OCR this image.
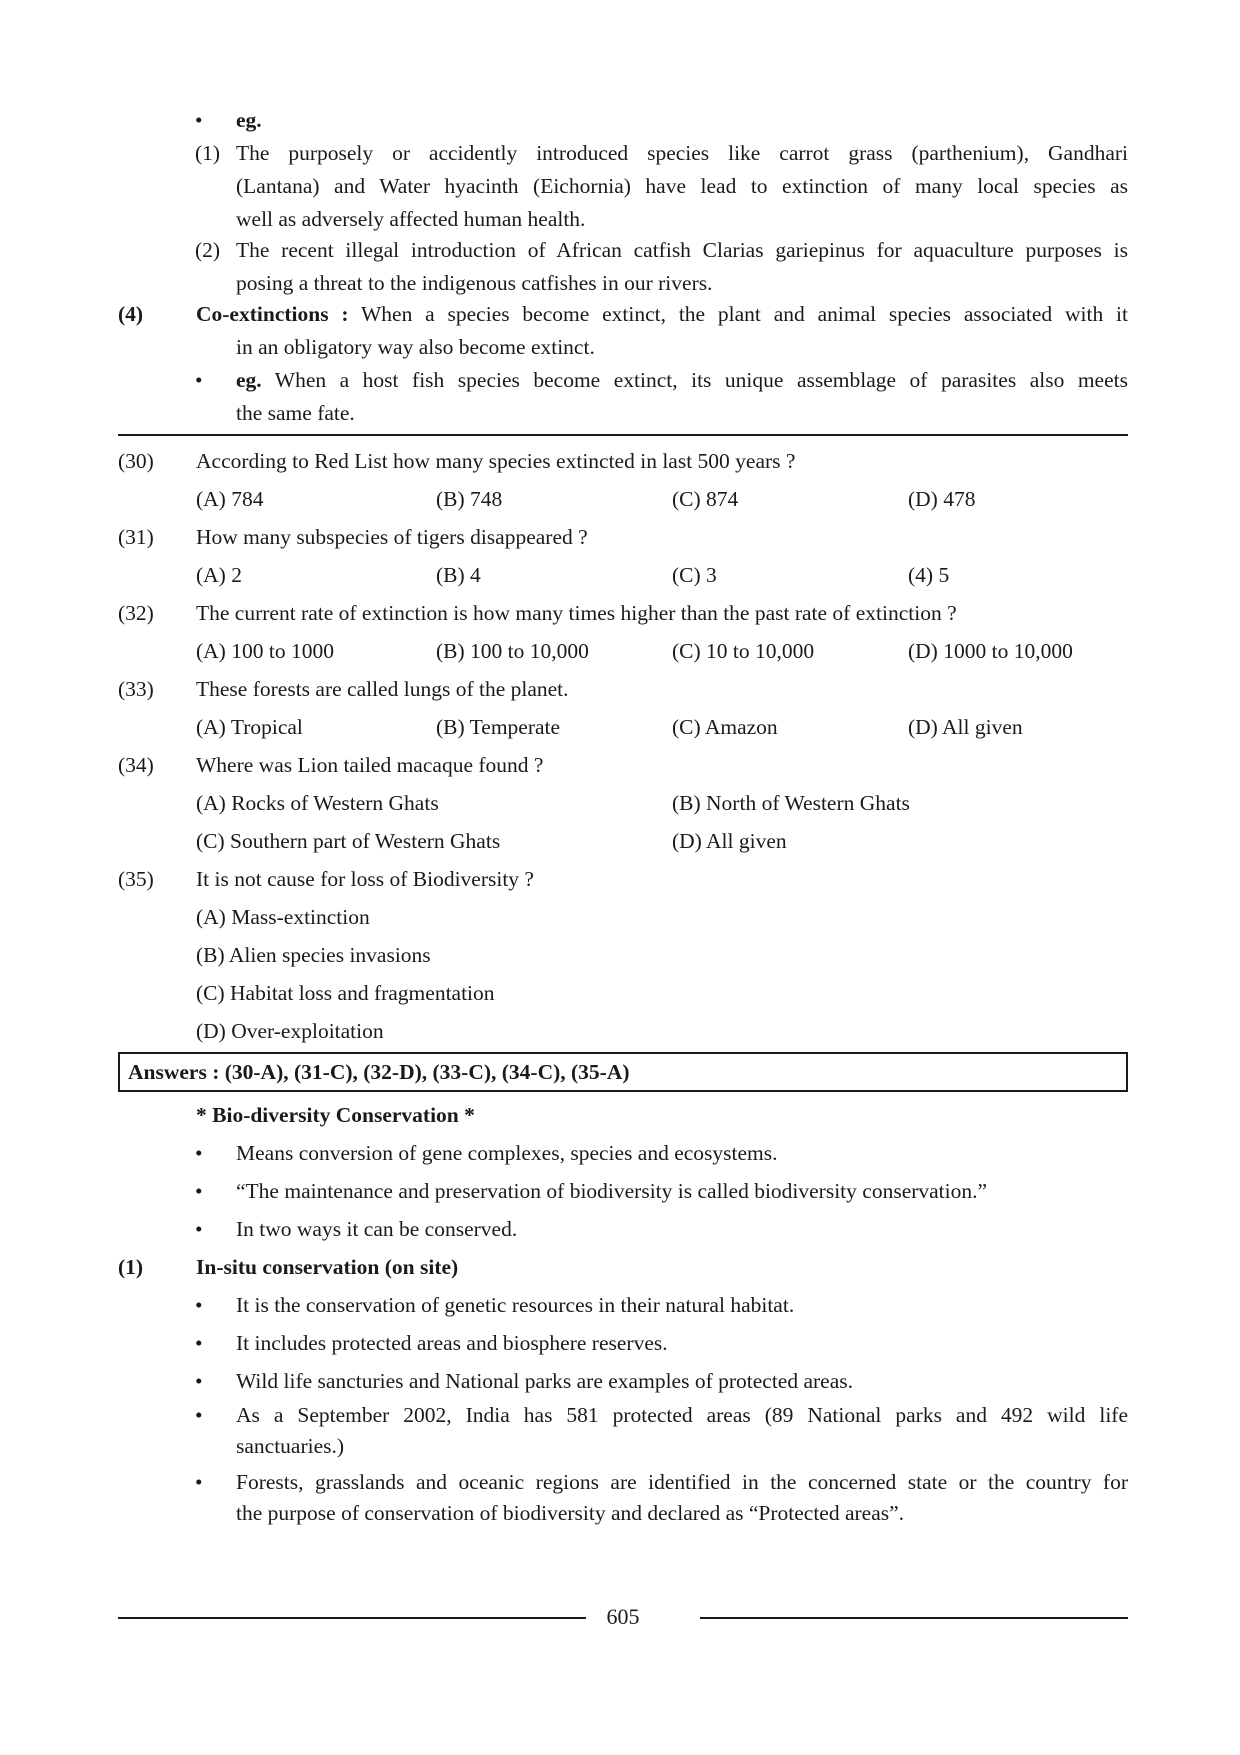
• eg.
(1) The purposely or accidently introduced species like carrot grass (parthenium), Gandhari
(Lantana) and Water hyacinth (Eichornia) have lead to extinction of many local species as
well as adversely affected human health.
(2) The recent illegal introduction of African catfish Clarias gariepinus for aquaculture purposes is
posing a threat to the indigenous catfishes in our rivers.
(4) Co-extinctions : When a species become extinct, the plant and animal species associated with it
in an obligatory way also become extinct.
• eg. When a host fish species become extinct, its unique assemblage of parasites also meets
the same fate.
(30) According to Red List how many species extincted in last 500 years ?
(A) 784	(B) 748	(C) 874	(D) 478
(31) How many subspecies of tigers disappeared ?
(A) 2	(B) 4	(C) 3	(4) 5
(32) The current rate of extinction is how many times higher than the past rate of extinction ?
(A) 100 to 1000	(B) 100 to 10,000	(C) 10 to 10,000	(D) 1000 to 10,000
(33) These forests are called lungs of the planet.
(A) Tropical	(B) Temperate	(C) Amazon	(D) All given
(34) Where was Lion tailed macaque found ?
(A) Rocks of Western Ghats	(B) North of Western Ghats
(C) Southern part of Western Ghats	(D) All given
(35) It is not cause for loss of Biodiversity ?
(A) Mass-extinction
(B) Alien species invasions
(C) Habitat loss and fragmentation
(D) Over-exploitation
Answers : (30-A), (31-C), (32-D), (33-C), (34-C), (35-A)
* Bio-diversity Conservation *
• Means conversion of gene complexes, species and ecosystems.
• “The maintenance and preservation of biodiversity is called biodiversity conservation.”
• In two ways it can be conserved.
(1) In-situ conservation (on site)
• It is the conservation of genetic resources in their natural habitat.
• It includes protected areas and biosphere reserves.
• Wild life sancturies and National parks are examples of protected areas.
• As a September 2002, India has 581 protected areas (89 National parks and 492 wild life
sanctuaries.)
• Forests, grasslands and oceanic regions are identified in the concerned state or the country for
the purpose of conservation of biodiversity and declared as “Protected areas”.
605
